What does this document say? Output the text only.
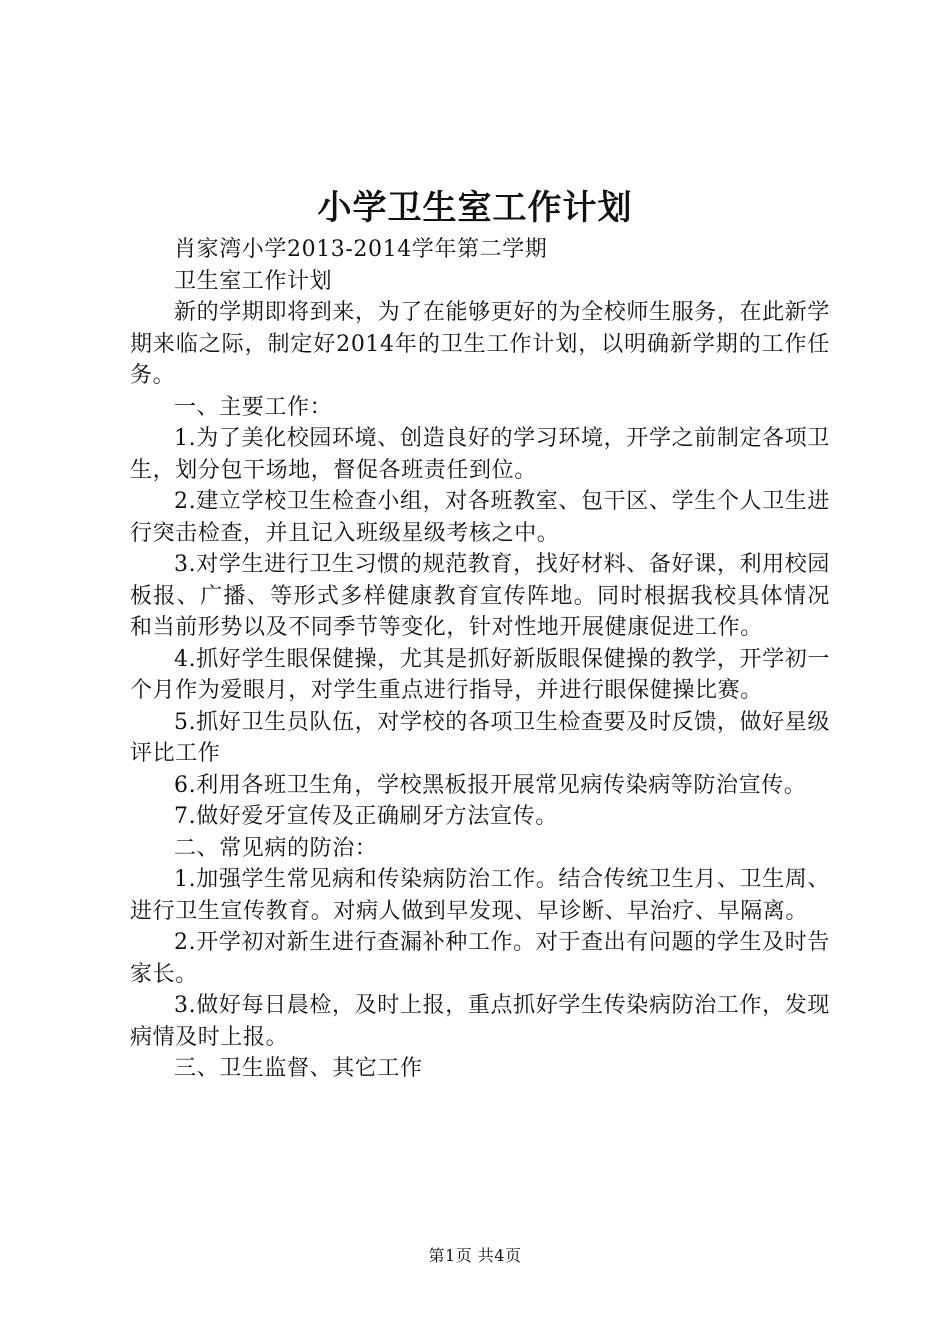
小学卫生室工作计划

肖家湾小学2013-2014学年第二学期

卫生室工作计划

新的学期即将到来，为了在能够更好的为全校师生服务，在此新学期来临之际，制定好2014年的卫生工作计划，以明确新学期的工作任务。

一、主要工作：

1.为了美化校园环境、创造良好的学习环境，开学之前制定各项卫生，划分包干场地，督促各班责任到位。

2.建立学校卫生检查小组，对各班教室、包干区、学生个人卫生进行突击检查，并且记入班级星级考核之中。

3.对学生进行卫生习惯的规范教育，找好材料、备好课，利用校园板报、广播、等形式多样健康教育宣传阵地。同时根据我校具体情况和当前形势以及不同季节等变化，针对性地开展健康促进工作。

4.抓好学生眼保健操，尤其是抓好新版眼保健操的教学，开学初一个月作为爱眼月，对学生重点进行指导，并进行眼保健操比赛。

5.抓好卫生员队伍，对学校的各项卫生检查要及时反馈，做好星级评比工作

6.利用各班卫生角，学校黑板报开展常见病传染病等防治宣传。

7.做好爱牙宣传及正确刷牙方法宣传。

二、常见病的防治：

1.加强学生常见病和传染病防治工作。结合传统卫生月、卫生周、进行卫生宣传教育。对病人做到早发现、早诊断、早治疗、早隔离。

2.开学初对新生进行查漏补种工作。对于查出有问题的学生及时告家长。

3.做好每日晨检，及时上报，重点抓好学生传染病防治工作，发现病情及时上报。

三、卫生监督、其它工作

第1页 共4页
